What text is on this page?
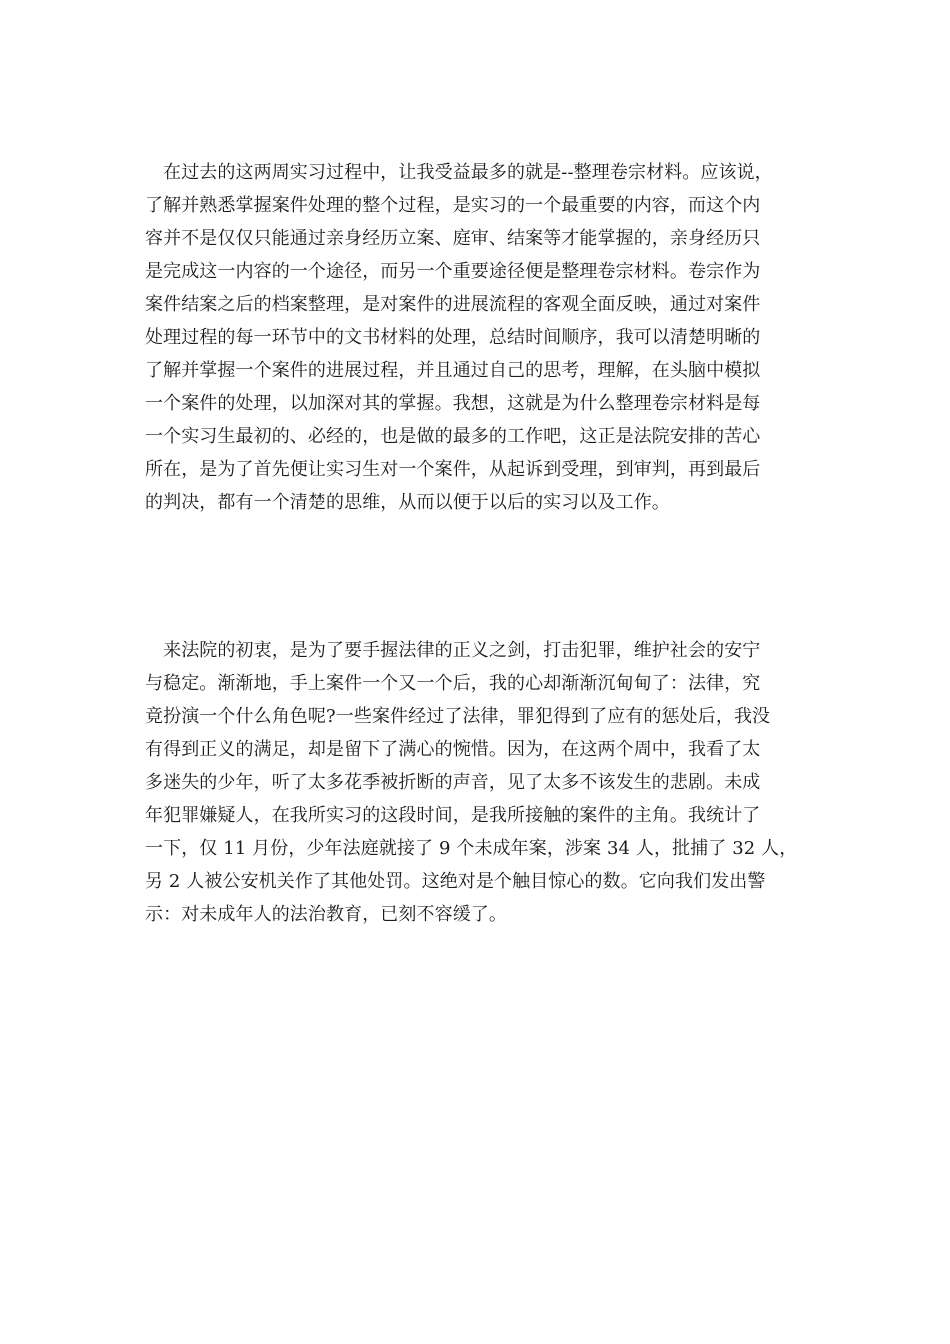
　在过去的这两周实习过程中，让我受益最多的就是--整理卷宗材料。应该说，
了解并熟悉掌握案件处理的整个过程，是实习的一个最重要的内容，而这个内
容并不是仅仅只能通过亲身经历立案、庭审、结案等才能掌握的，亲身经历只
是完成这一内容的一个途径，而另一个重要途径便是整理卷宗材料。卷宗作为
案件结案之后的档案整理，是对案件的进展流程的客观全面反映，通过对案件
处理过程的每一环节中的文书材料的处理，总结时间顺序，我可以清楚明晰的
了解并掌握一个案件的进展过程，并且通过自己的思考，理解，在头脑中模拟
一个案件的处理，以加深对其的掌握。我想，这就是为什么整理卷宗材料是每
一个实习生最初的、必经的，也是做的最多的工作吧，这正是法院安排的苦心
所在，是为了首先便让实习生对一个案件，从起诉到受理，到审判，再到最后
的判决，都有一个清楚的思维，从而以便于以后的实习以及工作。
　来法院的初衷，是为了要手握法律的正义之剑，打击犯罪，维护社会的安宁
与稳定。渐渐地，手上案件一个又一个后，我的心却渐渐沉甸甸了：法律，究
竟扮演一个什么角色呢?一些案件经过了法律，罪犯得到了应有的惩处后，我没
有得到正义的满足，却是留下了满心的惋惜。因为，在这两个周中，我看了太
多迷失的少年，听了太多花季被折断的声音，见了太多不该发生的悲剧。未成
年犯罪嫌疑人，在我所实习的这段时间，是我所接触的案件的主角。我统计了
一下，仅 11 月份，少年法庭就接了 9 个未成年案，涉案 34 人，批捕了 32 人，
另 2 人被公安机关作了其他处罚。这绝对是个触目惊心的数。它向我们发出警
示：对未成年人的法治教育，已刻不容缓了。
